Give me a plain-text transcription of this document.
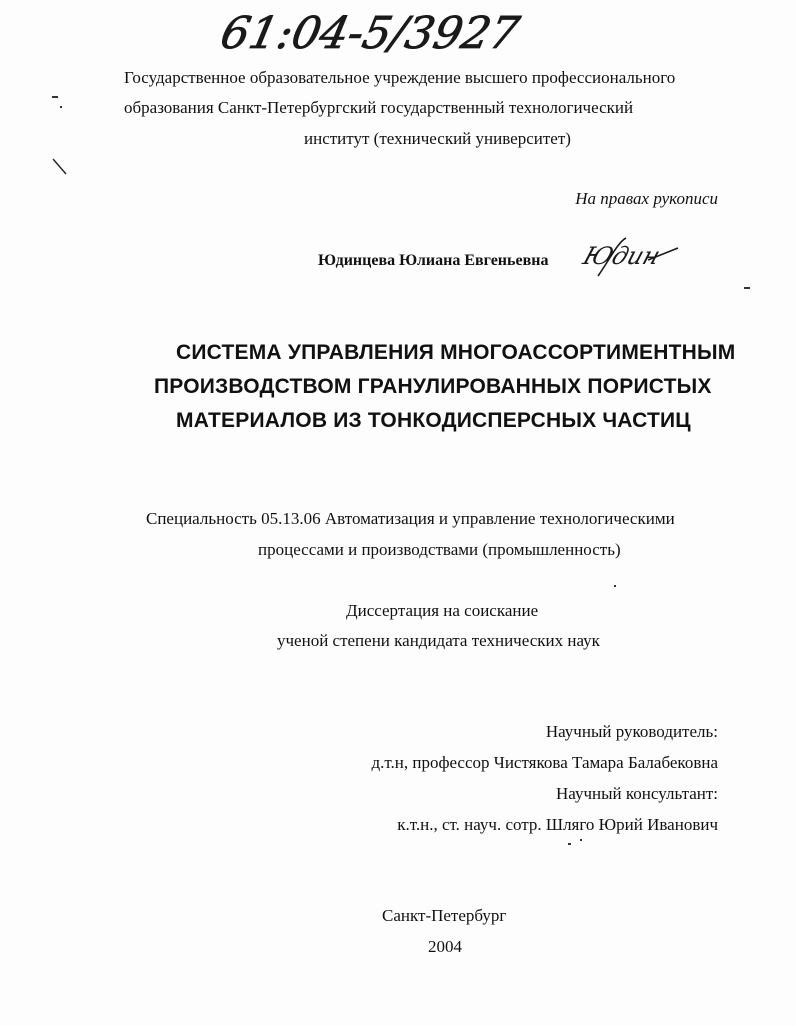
61:04-5/3927
Государственное образовательное учреждение высшего профессионального
образования Санкт-Петербургский государственный технологический
институт (технический университет)
На правах рукописи
Юдинцева Юлиана Евгеньевна Юдин
СИСТЕМА УПРАВЛЕНИЯ МНОГОАССОРТИМЕНТНЫМ
ПРОИЗВОДСТВОМ ГРАНУЛИРОВАННЫХ ПОРИСТЫХ
МАТЕРИАЛОВ ИЗ ТОНКОДИСПЕРСНЫХ ЧАСТИЦ
Специальность 05.13.06 Автоматизация и управление технологическими
процессами и производствами (промышленность)
Диссертация на соискание
ученой степени кандидата технических наук
Научный руководитель:
д.т.н, профессор Чистякова Тамара Балабековна
Научный консультант:
к.т.н., ст. науч. сотр. Шляго Юрий Иванович
Санкт-Петербург
2004
